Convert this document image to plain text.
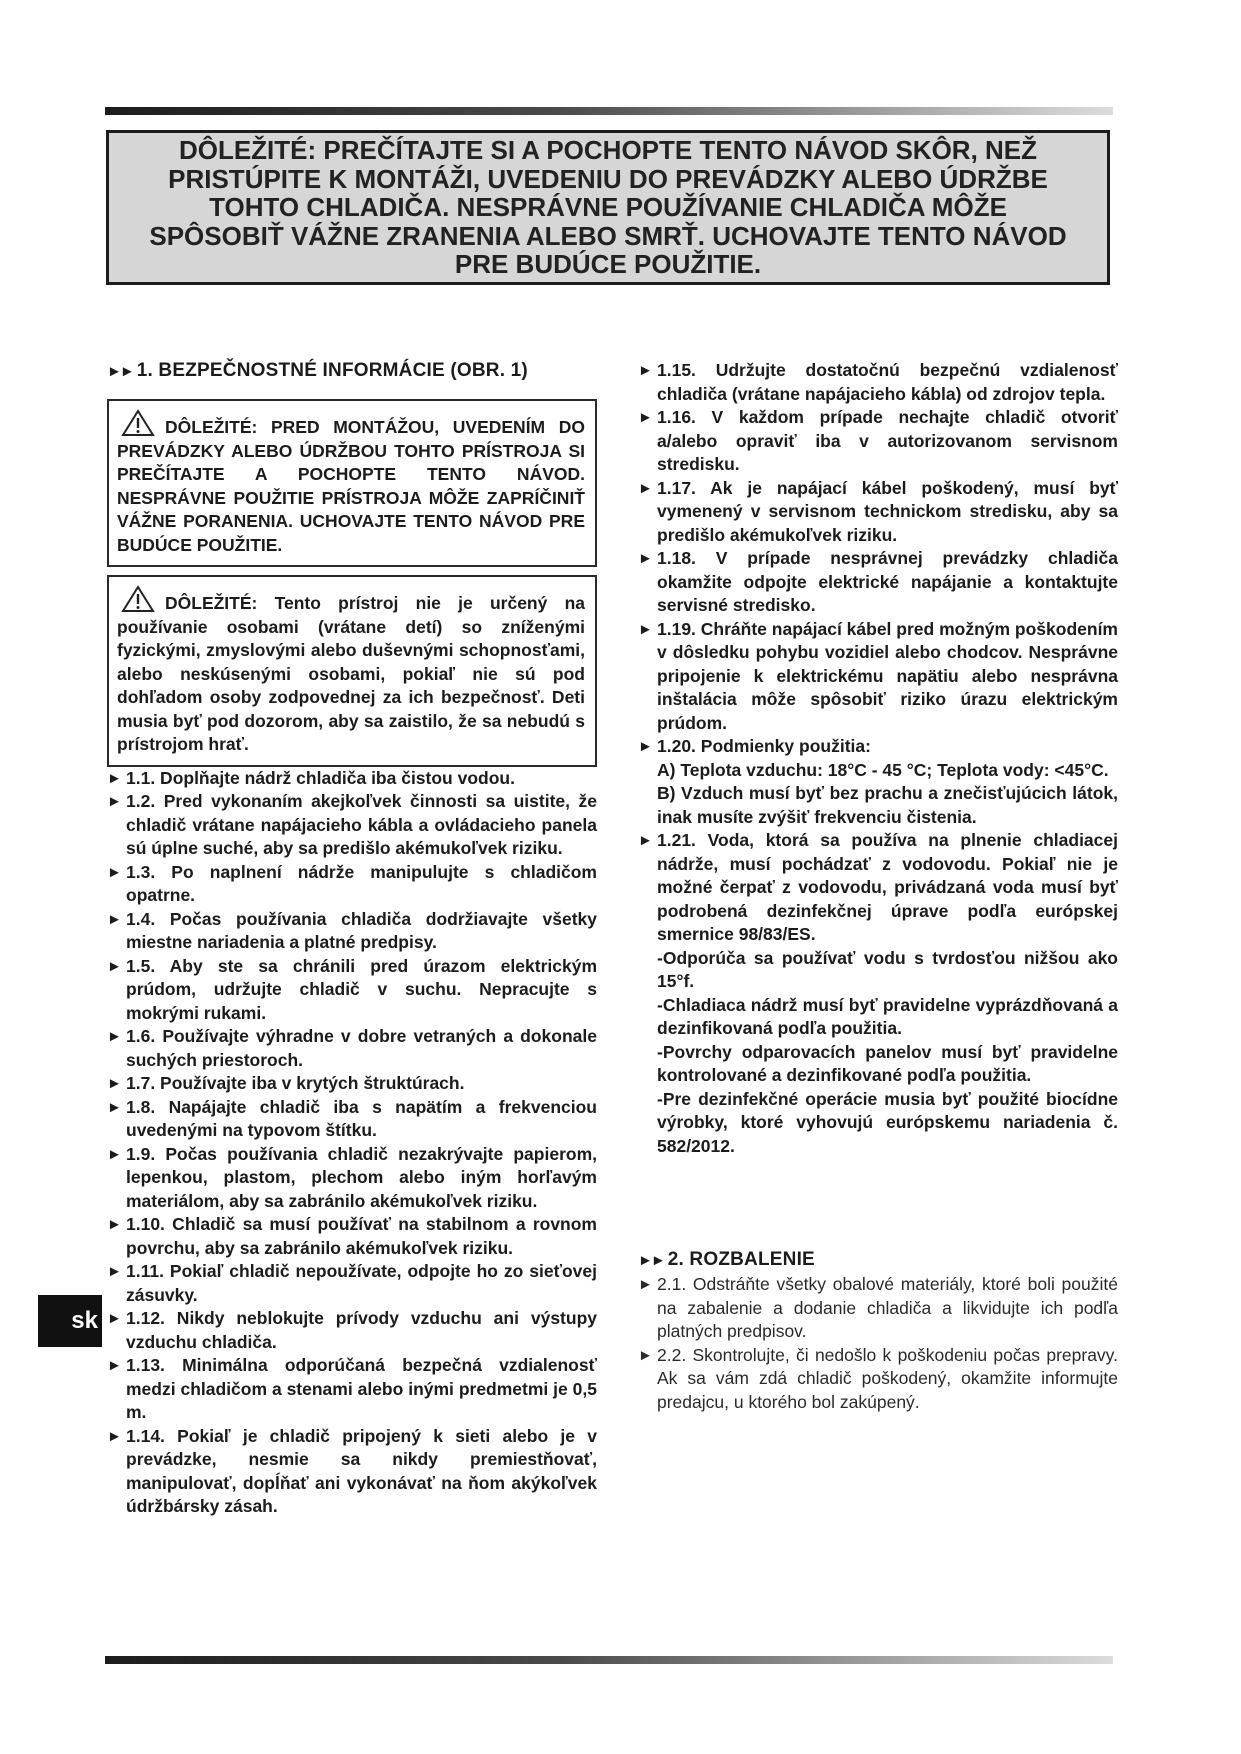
DÔLEŽITÉ: PREČÍTAJTE SI A POCHOPTE TENTO NÁVOD SKÔR, NEŽ
PRISTÚPITE K MONTÁŽI, UVEDENIU DO PREVÁDZKY ALEBO ÚDRŽBE
TOHTO CHLADIČA. NESPRÁVNE POUŽÍVANIE CHLADIČA MÔŽE
SPÔSOBIŤ VÁŽNE ZRANENIA ALEBO SMRŤ. UCHOVAJTE TENTO NÁVOD
PRE BUDÚCE POUŽITIE.

►► 1. BEZPEČNOSTNÉ INFORMÁCIE (OBR. 1)

DÔLEŽITÉ: PRED MONTÁŽOU, UVEDENÍM DO PREVÁDZKY ALEBO ÚDRŽBOU TOHTO PRÍSTROJA SI PREČÍTAJTE A POCHOPTE TENTO NÁVOD. NESPRÁVNE POUŽITIE PRÍSTROJA MÔŽE ZAPRÍČINIŤ VÁŽNE PORANENIA. UCHOVAJTE TENTO NÁVOD PRE BUDÚCE POUŽITIE.
DÔLEŽITÉ: Tento prístroj nie je určený na používanie osobami (vrátane detí) so zníženými fyzickými, zmyslovými alebo duševnými schopnosťami, alebo neskúsenými osobami, pokiaľ nie sú pod dohľadom osoby zodpovednej za ich bezpečnosť. Deti musia byť pod dozorom, aby sa zaistilo, že sa nebudú s prístrojom hrať.
► 1.1. Doplňajte nádrž chladiča iba čistou vodou.
► 1.2. Pred vykonaním akejkoľvek činnosti sa uistite, že chladič vrátane napájacieho kábla a ovládacieho panela sú úplne suché, aby sa predišlo akémukoľvek riziku.
► 1.3. Po naplnení nádrže manipulujte s chladičom opatrne.
► 1.4. Počas používania chladiča dodržiavajte všetky miestne nariadenia a platné predpisy.
► 1.5. Aby ste sa chránili pred úrazom elektrickým prúdom, udržujte chladič v suchu. Nepracujte s mokrými rukami.
► 1.6. Používajte výhradne v dobre vetraných a dokonale suchých priestoroch.
► 1.7. Používajte iba v krytých štruktúrach.
► 1.8. Napájajte chladič iba s napätím a frekvenciou uvedenými na typovom štítku.
► 1.9. Počas používania chladič nezakrývajte papierom, lepenkou, plastom, plechom alebo iným horľavým materiálom, aby sa zabránilo akémukoľvek riziku.
► 1.10. Chladič sa musí používať na stabilnom a rovnom povrchu, aby sa zabránilo akémukoľvek riziku.
► 1.11. Pokiaľ chladič nepoužívate, odpojte ho zo sieťovej zásuvky.
► 1.12. Nikdy neblokujte prívody vzduchu ani výstupy vzduchu chladiča.
► 1.13. Minimálna odporúčaná bezpečná vzdialenosť medzi chladičom a stenami alebo inými predmetmi je 0,5 m.
► 1.14. Pokiaľ je chladič pripojený k sieti alebo je v prevádzke, nesmie sa nikdy premiestňovať, manipulovať, dopĺňať ani vykonávať na ňom akýkoľvek údržbársky zásah.
► 1.15. Udržujte dostatočnú bezpečnú vzdialenosť chladiča (vrátane napájacieho kábla) od zdrojov tepla.
► 1.16. V každom prípade nechajte chladič otvoriť a/alebo opraviť iba v autorizovanom servisnom stredisku.
► 1.17. Ak je napájací kábel poškodený, musí byť vymenený v servisnom technickom stredisku, aby sa predišlo akémukoľvek riziku.
► 1.18. V prípade nesprávnej prevádzky chladiča okamžite odpojte elektrické napájanie a kontaktujte servisné stredisko.
► 1.19. Chráňte napájací kábel pred možným poškodením v dôsledku pohybu vozidiel alebo chodcov. Nesprávne pripojenie k elektrickému napätiu alebo nesprávna inštalácia môže spôsobiť riziko úrazu elektrickým prúdom.
► 1.20. Podmienky použitia:
A) Teplota vzduchu: 18°C - 45 °C; Teplota vody: <45°C.
B) Vzduch musí byť bez prachu a znečisťujúcich látok, inak musíte zvýšiť frekvenciu čistenia.
► 1.21. Voda, ktorá sa používa na plnenie chladiacej nádrže, musí pochádzať z vodovodu. Pokiaľ nie je možné čerpať z vodovodu, privádzaná voda musí byť podrobená dezinfekčnej úprave podľa európskej smernice 98/83/ES.
-Odporúča sa používať vodu s tvrdosťou nižšou ako 15°f.
-Chladiaca nádrž musí byť pravidelne vyprázdňovaná a dezinfikovaná podľa použitia.
-Povrchy odparovacích panelov musí byť pravidelne kontrolované a dezinfikované podľa použitia.
-Pre dezinfekčné operácie musia byť použité biocídne výrobky, ktoré vyhovujú európskemu nariadenia č. 582/2012.

►► 2. ROZBALENIE

► 2.1. Odstráňte všetky obalové materiály, ktoré boli použité na zabalenie a dodanie chladiča a likvidujte ich podľa platných predpisov.
► 2.2. Skontrolujte, či nedošlo k poškodeniu počas prepravy. Ak sa vám zdá chladič poškodený, okamžite informujte predajcu, u ktorého bol zakúpený.
sk
